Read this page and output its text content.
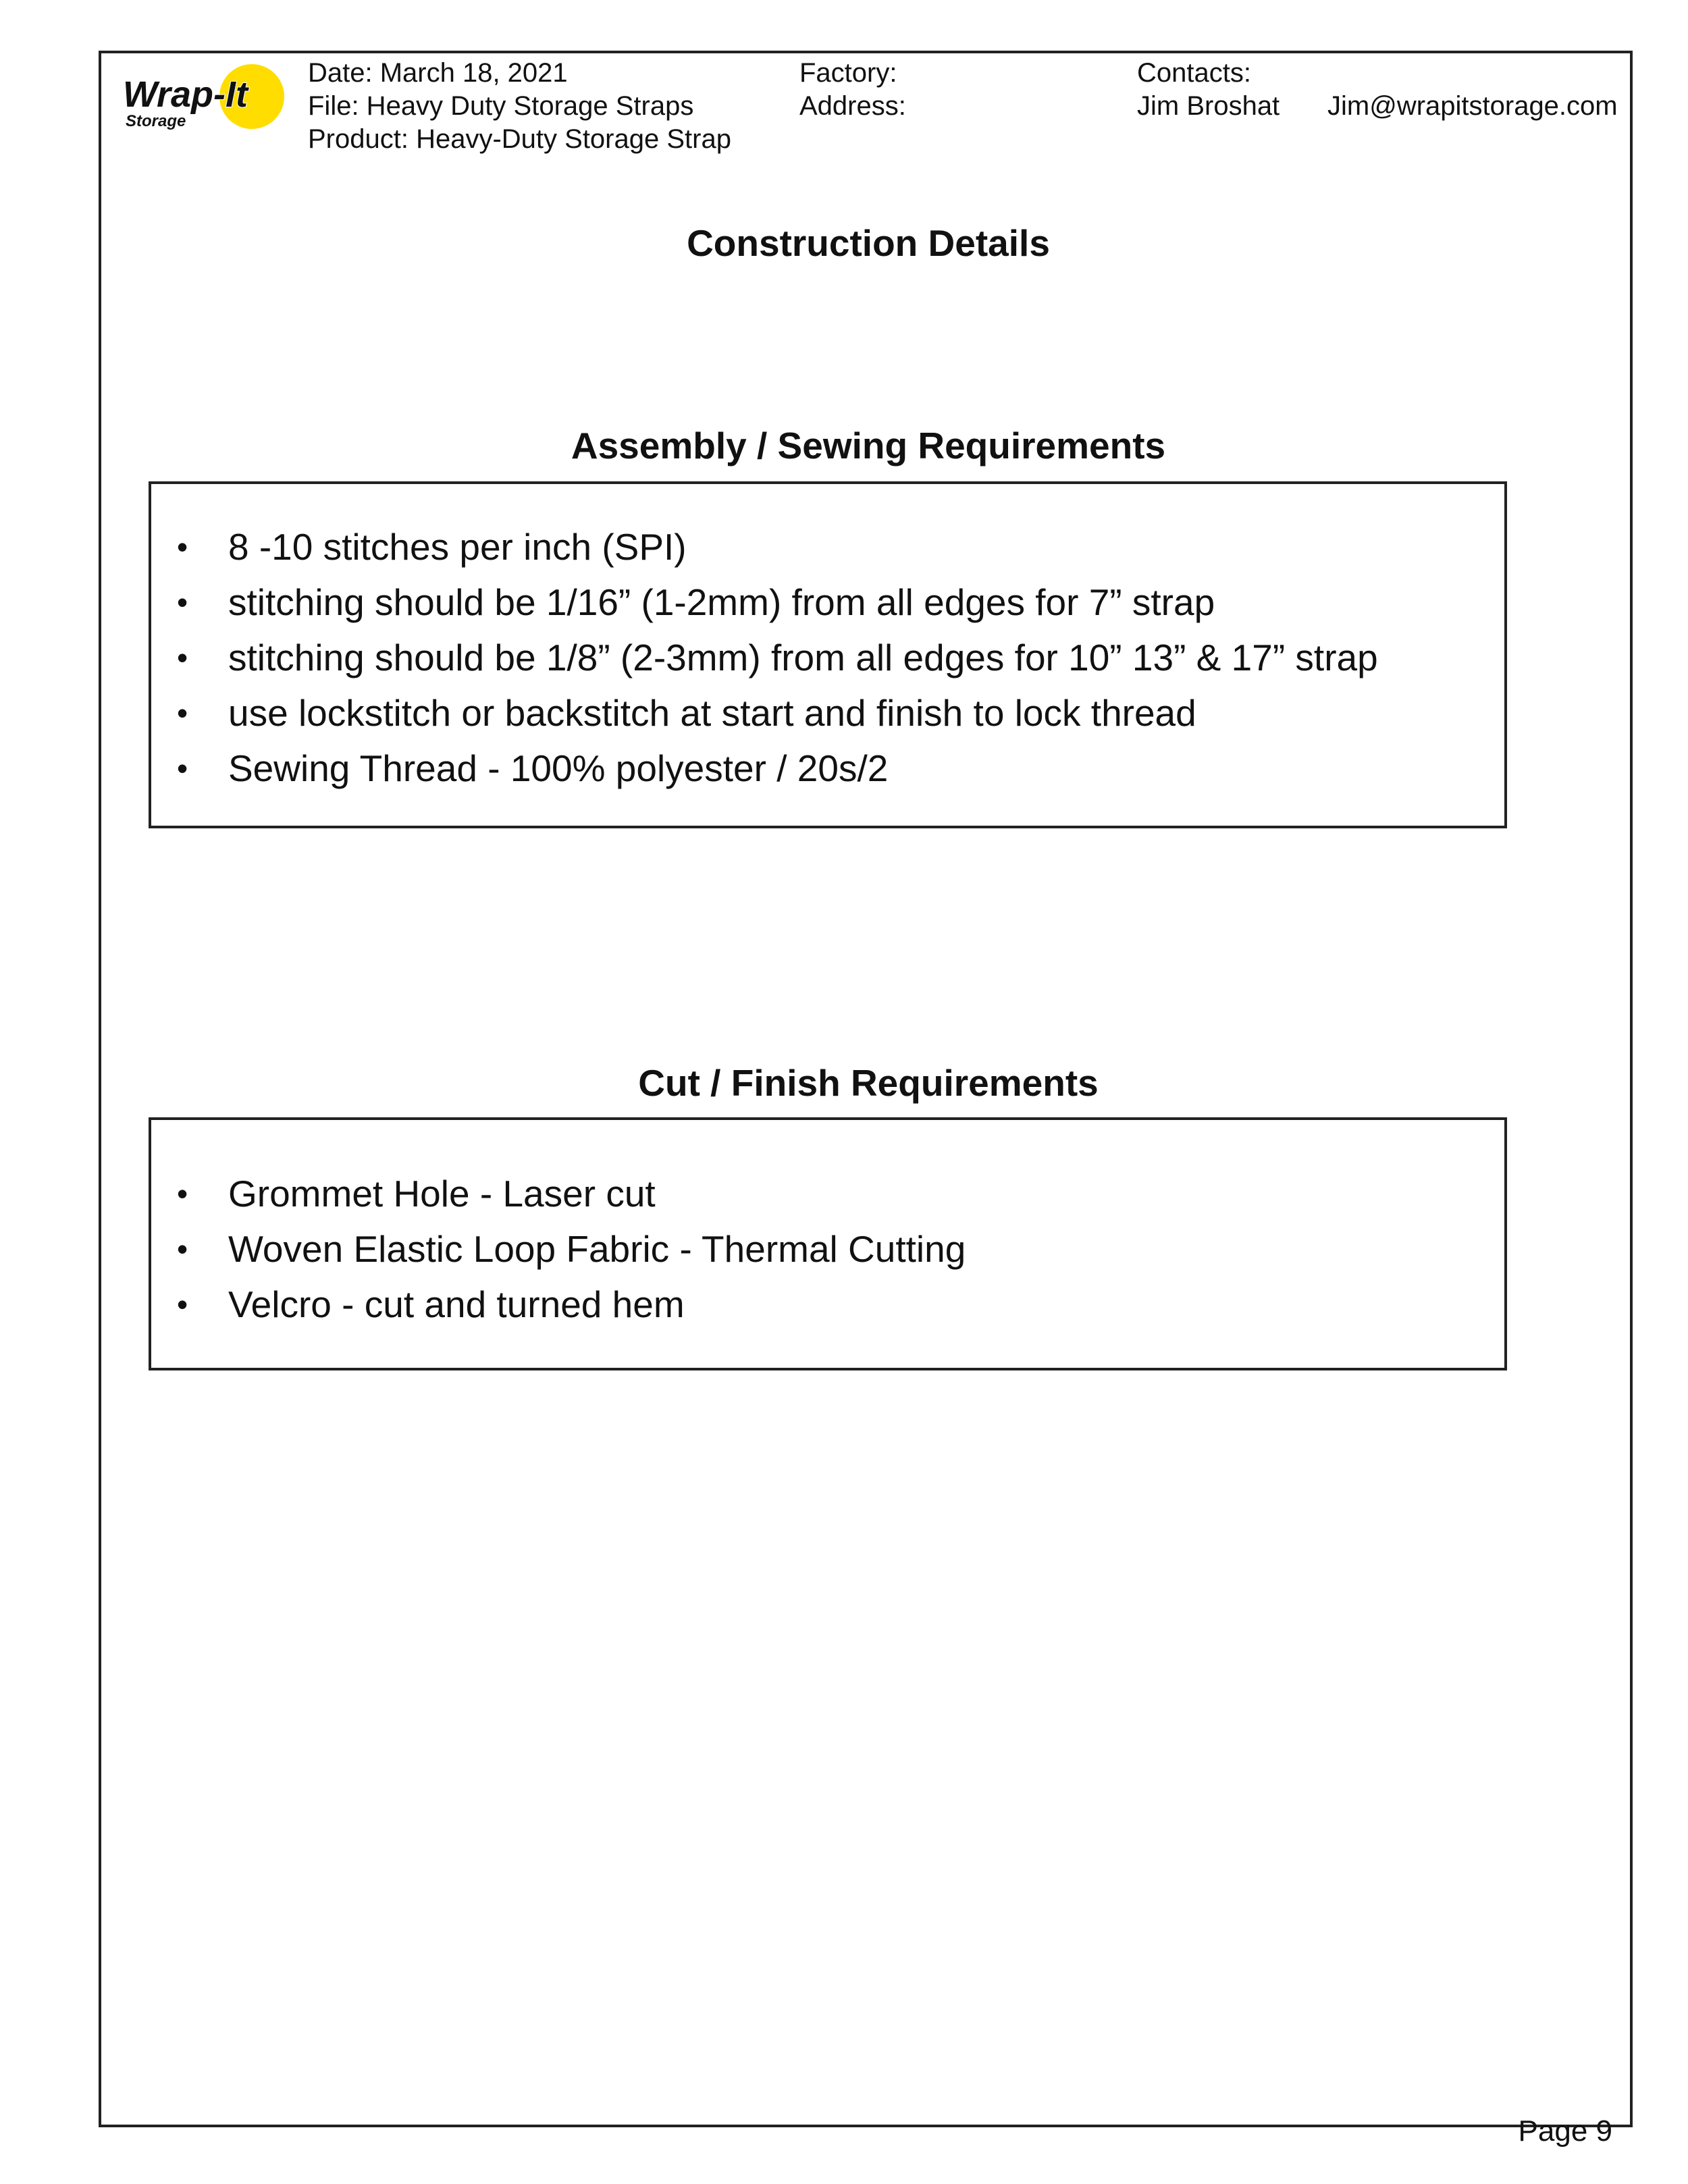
Wrap-It
Storage
Date: March 18, 2021
File: Heavy Duty Storage Straps
Product: Heavy-Duty Storage Strap
Factory:
Address:
Contacts:
Jim Broshat Jim@wrapitstorage.com
Construction Details
Assembly / Sewing Requirements
• 8 -10 stitches per inch (SPI)
• stitching should be 1/16” (1-2mm) from all edges for 7” strap
• stitching should be 1/8” (2-3mm) from all edges for 10” 13” & 17” strap
• use lockstitch or backstitch at start and finish to lock thread
• Sewing Thread - 100% polyester / 20s/2
Cut / Finish Requirements
• Grommet Hole - Laser cut
• Woven Elastic Loop Fabric - Thermal Cutting
• Velcro - cut and turned hem
Page 9
